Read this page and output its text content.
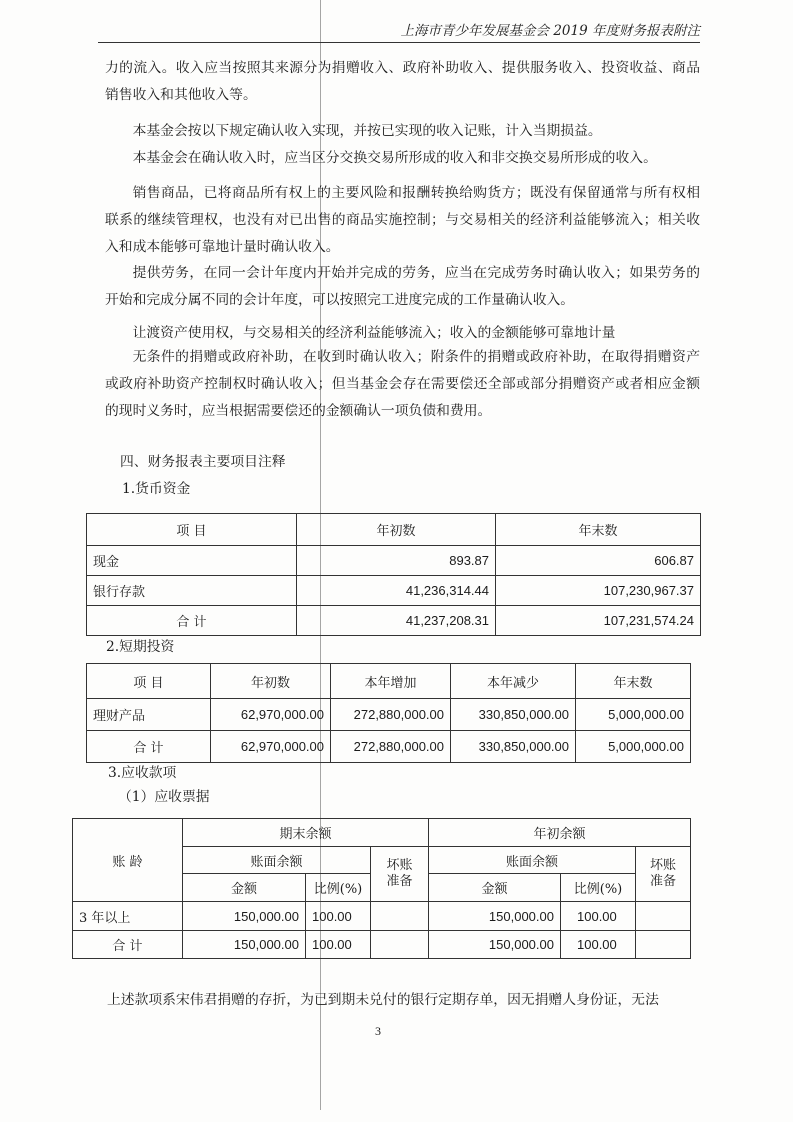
上海市青少年发展基金会 2019 年度财务报表附注
力的流入。收入应当按照其来源分为捐赠收入、政府补助收入、提供服务收入、投资收益、商品
销售收入和其他收入等。
本基金会按以下规定确认收入实现，并按已实现的收入记账，计入当期损益。
本基金会在确认收入时，应当区分交换交易所形成的收入和非交换交易所形成的收入。
销售商品，已将商品所有权上的主要风险和报酬转换给购货方；既没有保留通常与所有权相
联系的继续管理权，也没有对已出售的商品实施控制；与交易相关的经济利益能够流入；相关收
入和成本能够可靠地计量时确认收入。
提供劳务，在同一会计年度内开始并完成的劳务，应当在完成劳务时确认收入；如果劳务的
开始和完成分属不同的会计年度，可以按照完工进度完成的工作量确认收入。
让渡资产使用权，与交易相关的经济利益能够流入；收入的金额能够可靠地计量
无条件的捐赠或政府补助，在收到时确认收入；附条件的捐赠或政府补助，在取得捐赠资产
或政府补助资产控制权时确认收入；但当基金会存在需要偿还全部或部分捐赠资产或者相应金额
的现时义务时，应当根据需要偿还的金额确认一项负债和费用。
四、财务报表主要项目注释
1.货币资金
项 目	年初数	年末数
现金	893.87	606.87
银行存款	41,236,314.44	107,230,967.37
合 计	41,237,208.31	107,231,574.24
2.短期投资
项 目	年初数	本年增加	本年减少	年末数
理财产品	62,970,000.00	272,880,000.00	330,850,000.00	5,000,000.00
合 计	62,970,000.00	272,880,000.00	330,850,000.00	5,000,000.00
3.应收款项
（1）应收票据
账 龄	期末余额			年初余额		
	账面余额		坏账准备	账面余额		坏账准备
	金额	比例(%)		金额	比例(%)	
3 年以上	150,000.00	100.00		150,000.00	100.00	
合 计	150,000.00	100.00		150,000.00	100.00	
上述款项系宋伟君捐赠的存折，为已到期未兑付的银行定期存单，因无捐赠人身份证，无法
3
